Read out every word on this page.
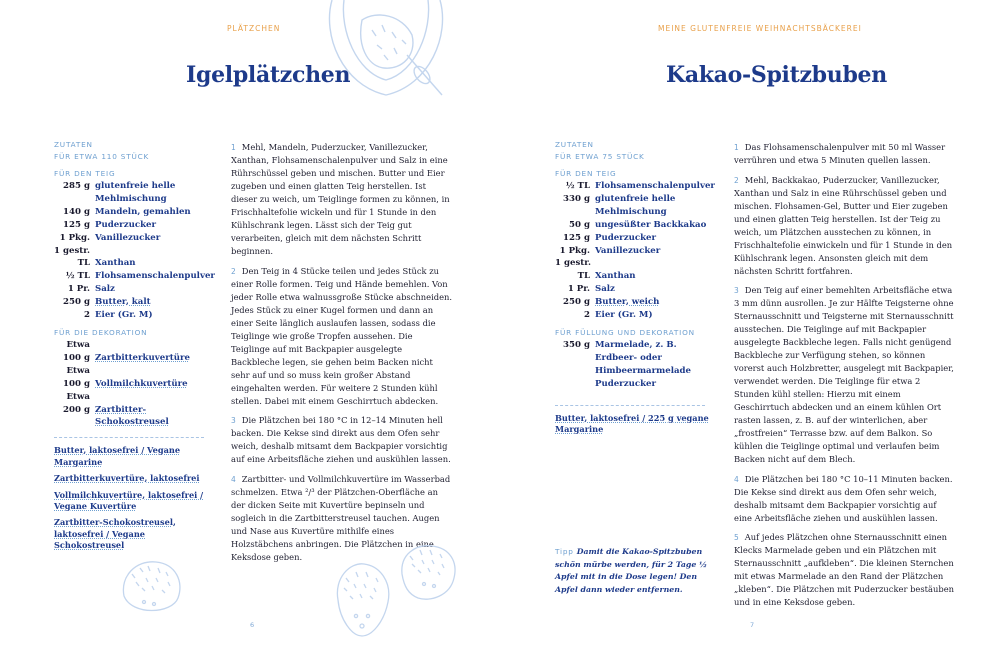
PLÄTZCHEN
Igelplätzchen
ZUTATEN
FÜR ETWA 110 STÜCK
FÜR DEN TEIG
285 g glutenfreie helle Mehlmischung
140 g Mandeln, gemahlen
125 g Puderzucker
1 Pkg. Vanillezucker
1 gestr.
TL Xanthan
½ TL Flohsamenschalenpulver
1 Pr. Salz
250 g Butter, kalt
2 Eier (Gr. M)
FÜR DIE DEKORATION
Etwa
100 g Zartbitterkuvertüre
Etwa
100 g Vollmilchkuvertüre
Etwa
200 g Zartbitter-Schokostreusel
Butter, laktosefrei / Vegane Margarine
Zartbitterkuvertüre, laktosefrei
Vollmilchkuvertüre, laktosefrei / Vegane Kuvertüre
Zartbitter-Schokostreusel, laktosefrei / Vegane Schokostreusel

1 Mehl, Mandeln, Puderzucker, Vanillezucker, Xanthan, Flohsamenschalenpulver und Salz in eine Rührschüssel geben und mischen. Butter und Eier zugeben und einen glatten Teig herstellen. Ist dieser zu weich, um Teiglinge formen zu können, in Frischhaltefolie wickeln und für 1 Stunde in den Kühlschrank legen. Lässt sich der Teig gut verarbeiten, gleich mit dem nächsten Schritt beginnen.

2 Den Teig in 4 Stücke teilen und jedes Stück zu einer Rolle formen. Teig und Hände bemehlen. Von jeder Rolle etwa walnussgroße Stücke abschneiden. Jedes Stück zu einer Kugel formen und dann an einer Seite länglich auslaufen lassen, sodass die Teiglinge wie große Tropfen aussehen. Die Teiglinge auf mit Backpapier ausgelegte Backbleche legen, sie gehen beim Backen nicht sehr auf und so muss kein großer Abstand eingehalten werden. Für weitere 2 Stunden kühl stellen. Dabei mit einem Geschirrtuch abdecken.

3 Die Plätzchen bei 180 °C in 12–14 Minuten hell backen. Die Kekse sind direkt aus dem Ofen sehr weich, deshalb mitsamt dem Backpapier vorsichtig auf eine Arbeitsfläche ziehen und auskühlen lassen.

4 Zartbitter- und Vollmilchkuvertüre im Wasserbad schmelzen. Etwa ²/³ der Plätzchen-Oberfläche an der dicken Seite mit Kuvertüre bepinseln und sogleich in die Zartbitterstreusel tauchen. Augen und Nase aus Kuvertüre mithilfe eines Holzstäbchens anbringen. Die Plätzchen in eine Keksdose geben.

6
MEINE GLUTENFREIE WEIHNACHTSBÄCKEREI
Kakao-Spitzbuben
ZUTATEN
FÜR ETWA 75 STÜCK
FÜR DEN TEIG
½ TL Flohsamenschalenpulver
330 g glutenfreie helle Mehlmischung
50 g ungesüßter Backkakao
125 g Puderzucker
1 Pkg. Vanillezucker
1 gestr.
TL Xanthan
1 Pr. Salz
250 g Butter, weich
2 Eier (Gr. M)
FÜR FÜLLUNG UND DEKORATION
350 g Marmelade, z. B. Erdbeer- oder Himbeermarmelade
Puderzucker
Butter, laktosefrei / 225 g vegane Margarine
Tipp Damit die Kakao-Spitzbuben schön mürbe werden, für 2 Tage ½ Apfel mit in die Dose legen! Den Apfel dann wieder entfernen.

1 Das Flohsamenschalenpulver mit 50 ml Wasser verrühren und etwa 5 Minuten quellen lassen.

2 Mehl, Backkakao, Puderzucker, Vanillezucker, Xanthan und Salz in eine Rührschüssel geben und mischen. Flohsamen-Gel, Butter und Eier zugeben und einen glatten Teig herstellen. Ist der Teig zu weich, um Plätzchen ausstechen zu können, in Frischhaltefolie einwickeln und für 1 Stunde in den Kühlschrank legen. Ansonsten gleich mit dem nächsten Schritt fortfahren.

3 Den Teig auf einer bemehlten Arbeitsfläche etwa 3 mm dünn ausrollen. Je zur Hälfte Teigsterne ohne Sternausschnitt und Teigsterne mit Sternausschnitt ausstechen. Die Teiglinge auf mit Backpapier ausgelegte Backbleche legen. Falls nicht genügend Backbleche zur Verfügung stehen, so können vorerst auch Holzbretter, ausgelegt mit Backpapier, verwendet werden. Die Teiglinge für etwa 2 Stunden kühl stellen: Hierzu mit einem Geschirrtuch abdecken und an einem kühlen Ort rasten lassen, z. B. auf der winterlichen, aber „frostfreien“ Terrasse bzw. auf dem Balkon. So kühlen die Teiglinge optimal und verlaufen beim Backen nicht auf dem Blech.

4 Die Plätzchen bei 180 °C 10–11 Minuten backen. Die Kekse sind direkt aus dem Ofen sehr weich, deshalb mitsamt dem Backpapier vorsichtig auf eine Arbeitsfläche ziehen und auskühlen lassen.

5 Auf jedes Plätzchen ohne Sternausschnitt einen Klecks Marmelade geben und ein Plätzchen mit Sternausschnitt „aufkleben“. Die kleinen Sternchen mit etwas Marmelade an den Rand der Plätzchen „kleben“. Die Plätzchen mit Puderzucker bestäuben und in eine Keksdose geben.

7
